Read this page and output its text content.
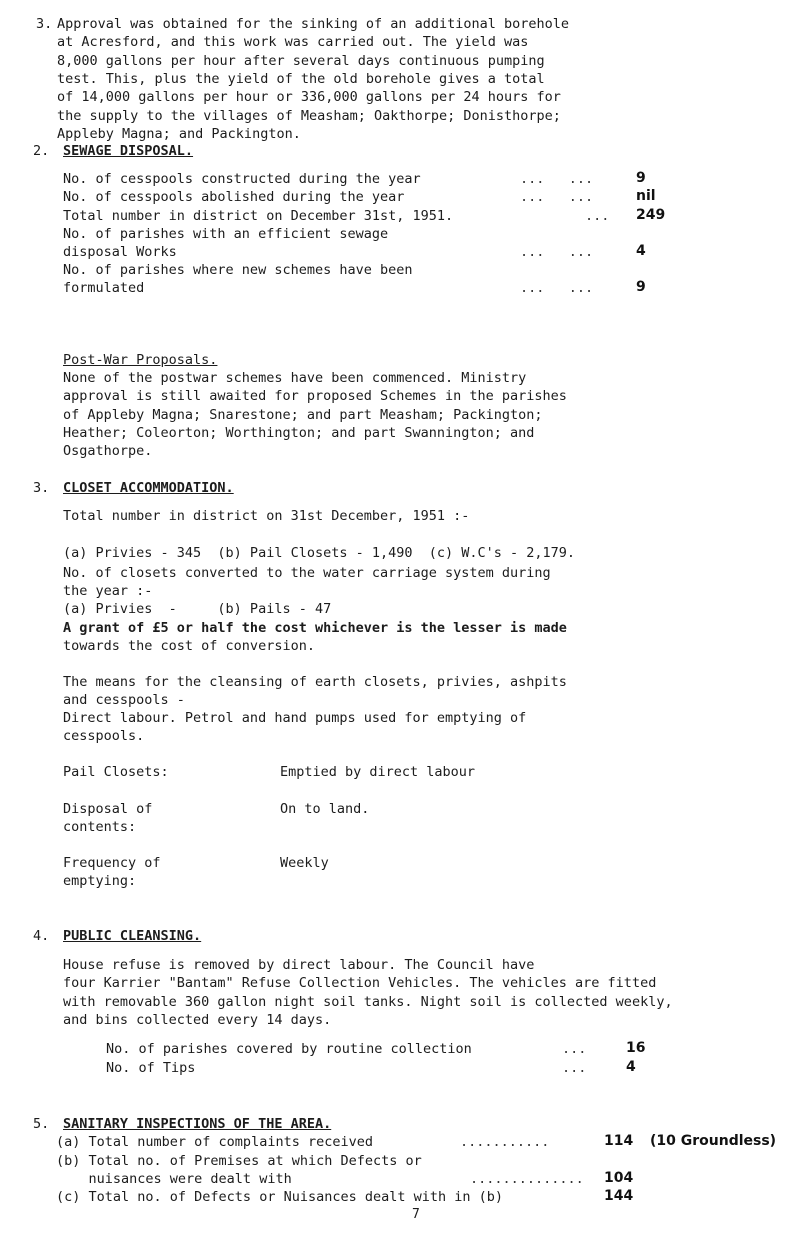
3. Approval was obtained for the sinking of an additional borehole
at Acresford, and this work was carried out. The yield was
8,000 gallons per hour after several days continuous pumping
test. This, plus the yield of the old borehole gives a total
of 14,000 gallons per hour or 336,000 gallons per 24 hours for
the supply to the villages of Measham; Oakthorpe; Donisthorpe;
Appleby Magna; and Packington.
2. SEWAGE DISPOSAL.
No. of cesspools constructed during the year	...   ...	9
No. of cesspools abolished during the year	...   ...	nil
Total number in district on December 31st, 1951.	... 249
No. of parishes with an efficient sewage
disposal Works	...   ...	4
No. of parishes where new schemes have been
formulated	...   ...	9
Post-War Proposals.
None of the postwar schemes have been commenced. Ministry
approval is still awaited for proposed Schemes in the parishes
of Appleby Magna; Snarestone; and part Measham; Packington;
Heather; Coleorton; Worthington; and part Swannington; and
Osgathorpe.
3. CLOSET ACCOMMODATION.
Total number in district on 31st December, 1951 :-
(a) Privies - 345  (b) Pail Closets - 1,490  (c) W.C's - 2,179.
No. of closets converted to the water carriage system during
the year :-
(a) Privies  -     (b) Pails - 47
A grant of £5 or half the cost whichever is the lesser is made
towards the cost of conversion.
The means for the cleansing of earth closets, privies, ashpits
and cesspools -
Direct labour. Petrol and hand pumps used for emptying of
cesspools.
Pail Closets:	Emptied by direct labour
Disposal of
contents:
On to land.
Frequency of
emptying:
Weekly
4. PUBLIC CLEANSING.
House refuse is removed by direct labour. The Council have
four Karrier "Bantam" Refuse Collection Vehicles. The vehicles are fitted
with removable 360 gallon night soil tanks. Night soil is collected weekly,
and bins collected every 14 days.
No. of parishes covered by routine collection	...	16
No. of Tips	...	4
5. SANITARY INSPECTIONS OF THE AREA.
(a) Total number of complaints received	...........	114 (10 Groundless)
(b) Total no. of Premises at which Defects or
nuisances were dealt with	.............. 104
(c) Total no. of Defects or Nuisances dealt with in (b)	144
7
